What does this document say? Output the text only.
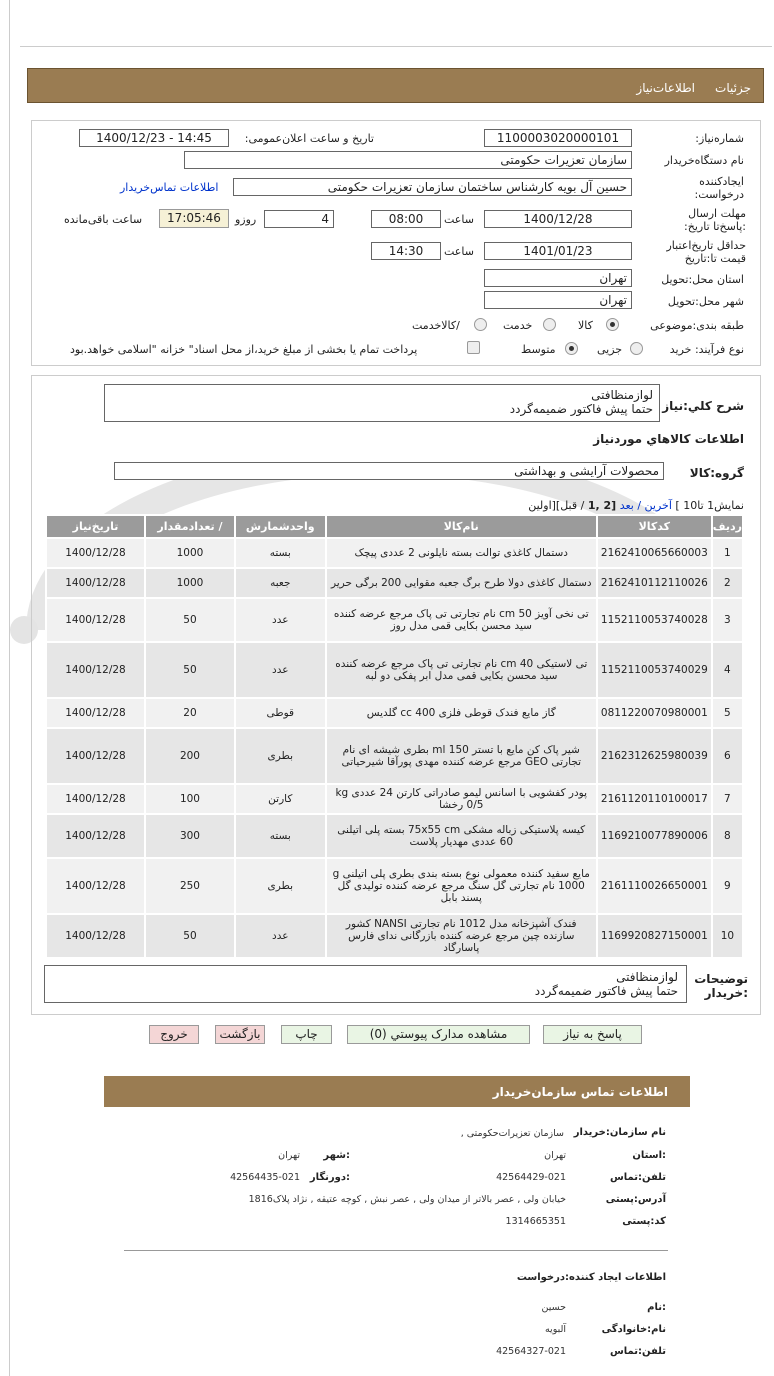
جزئیات
اطلاعات‌نیاز
شماره‌نیاز:
1100003020000101
تاریخ و ساعت اعلان‌عمومی:
1400/12/23 - 14:45
نام دستگاه‌خریدار
سازمان تعزیرات حکومتی
ایجادکننده درخواست:
حسین آل بویه کارشناس ساختمان سازمان تعزیرات حکومتی
اطلاعات تماس‌خریدار
مهلت ارسال :پاسخ‌تا تاریخ:
1400/12/28
ساعت
08:00
4
روزو
17:05:46
ساعت باقی‌مانده
حداقل تاریخ‌اعتبار قیمت تا:تاریخ
1401/01/23
ساعت
14:30
استان محل:تحویل
تهران
شهر محل:تحویل
تهران
طبقه بندی:موضوعی
کالا
خدمت
/کالاخدمت
نوع فرآیند: خرید
جزیی
متوسط
پرداخت تمام یا بخشی از مبلغ خرید،از محل اسناد" خزانه "اسلامی خواهد.بود
شرح کلي:نياز
لوازمنظافتی
حتما پیش فاکتور ضمیمه‌گردد
اطلاعات کالاهاي موردنياز
گروه:کالا
محصولات آرایشی و بهداشتی
نمایش1 تا10 ] آخرین / بعد [2 ,1 / قبل][اولین
ردیف	کدکالا	نام‌کالا	واحدشمارش	/ تعدادمقدار	تاریخ‌نیاز
1	2162410065660003	دستمال کاغذی توالت بسته نایلونی 2 عددی پیچک	بسته	1000	1400/12/28
2	2162410112110026	دستمال کاغذی دولا طرح برگ جعبه مقوایی 200 برگی حریر	جعبه	1000	1400/12/28
3	1152110053740028	تی نخی آویز cm 50 نام تجارتی تی پاک مرجع عرضه کننده سید محسن بکایی قمی مدل روز	عدد	50	1400/12/28
4	1152110053740029	تی لاستیکی cm 40 نام تجارتی تی پاک مرجع عرضه کننده سید محسن بکایی قمی مدل ابر پفکی دو لبه	عدد	50	1400/12/28
5	0811220070980001	گاز مایع فندک قوطی فلزی 400 cc گلدیس	قوطی	20	1400/12/28
6	2162312625980039	شیر پاک کن مایع با تستر 150 ml بطری شیشه ای نام تجارتی GEO مرجع عرضه کننده مهدی پورآقا شیرحیاتی	بطری	200	1400/12/28
7	2161120110100017	پودر کفشویی با اسانس لیمو صادراتی کارتن 24 عددی kg 0/5 رخشا	کارتن	100	1400/12/28
8	1169210077890006	کیسه پلاستیکی زباله مشکی 75x55 cm بسته پلی اتیلنی 60 عددی مهدیار پلاست	بسته	300	1400/12/28
9	2161110026650001	مایع سفید کننده معمولی نوع بسته بندی بطری پلی اتیلنی g 1000 نام تجارتی گل سنگ مرجع عرضه کننده تولیدی گل پسند بابل	بطری	250	1400/12/28
10	1169920827150001	فندک آشپزخانه مدل 1012 نام تجارتی NANSI کشور سازنده چین مرجع عرضه کننده بازرگانی ندای فارس پاسارگاد	عدد	50	1400/12/28
توضیحات :خریدار
لوازمنظافتی
حتما پیش فاکتور ضمیمه‌گردد
پاسخ به نیاز
مشاهده مدارک پیوستي (0)
چاپ
بازگشت
خروج
اطلاعات تماس سازمان‌خریدار
نام سازمان:خریدار
سازمان تعزیرات‌حکومتی ,
:استان
تهران
:شهر
تهران
تلفن:تماس
42564429-021
:دورنگار
42564435-021
آدرس:پستی
خیابان ولی , عصر بالاتر از میدان ولی , عصر نبش , کوچه عتیقه , نژاد پلاک1816
کد:پستی
1314665351
اطلاعات ایجاد کننده:درخواست
:نام
حسین
نام:خانوادگی
آلبویه
تلفن:تماس
42564327-021
